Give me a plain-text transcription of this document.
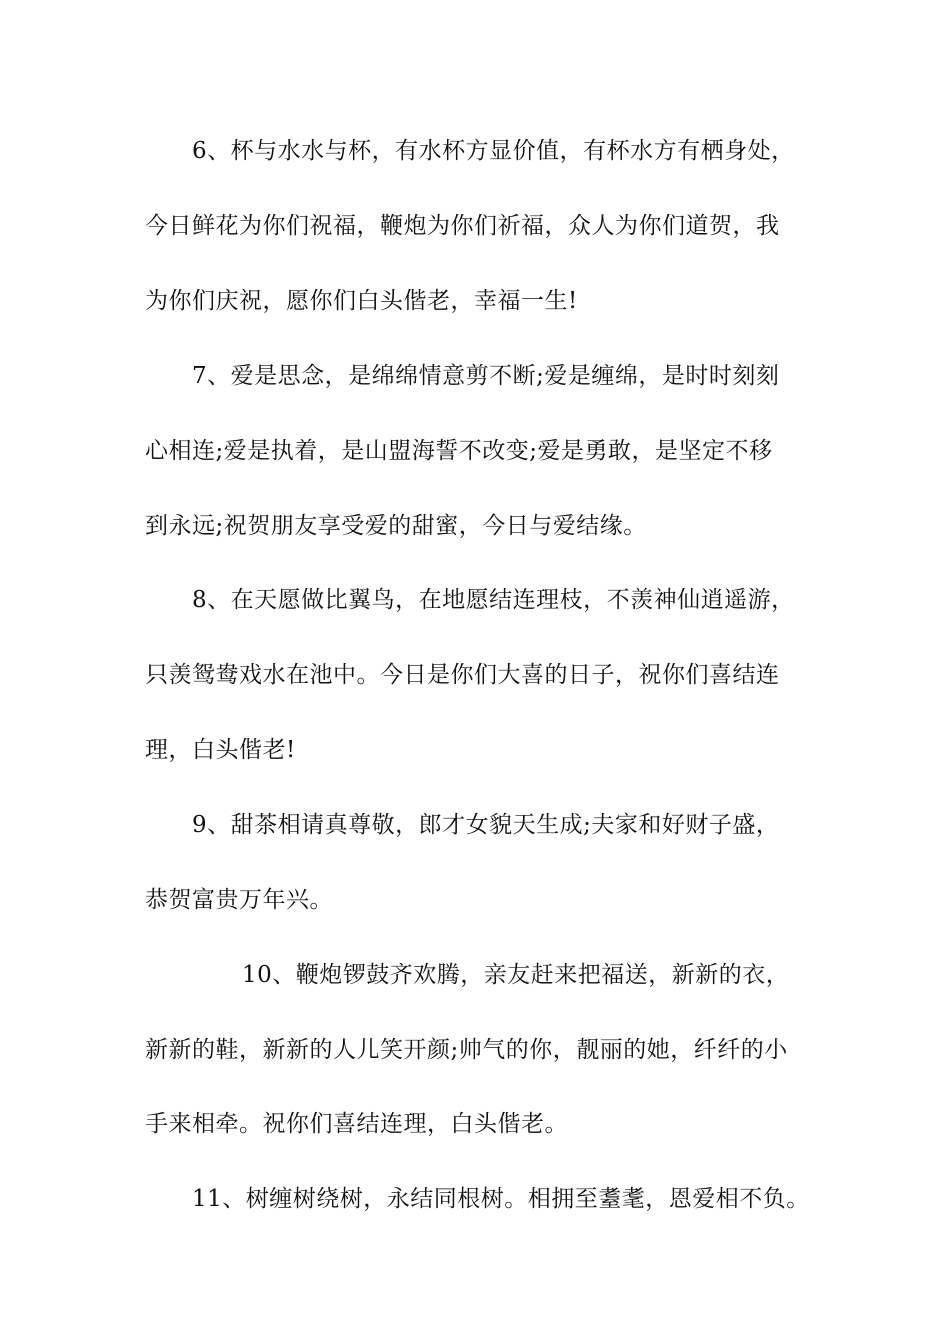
6、杯与水水与杯，有水杯方显价值，有杯水方有栖身处，
今日鲜花为你们祝福，鞭炮为你们祈福，众人为你们道贺，我
为你们庆祝，愿你们白头偕老，幸福一生!
7、爱是思念，是绵绵情意剪不断;爱是缠绵，是时时刻刻
心相连;爱是执着，是山盟海誓不改变;爱是勇敢，是坚定不移
到永远;祝贺朋友享受爱的甜蜜，今日与爱结缘。
8、在天愿做比翼鸟，在地愿结连理枝，不羡神仙逍遥游，
只羡鸳鸯戏水在池中。今日是你们大喜的日子，祝你们喜结连
理，白头偕老!
9、甜茶相请真尊敬，郎才女貌天生成;夫家和好财子盛，
恭贺富贵万年兴。
10、鞭炮锣鼓齐欢腾，亲友赶来把福送，新新的衣，
新新的鞋，新新的人儿笑开颜;帅气的你，靓丽的她，纤纤的小
手来相牵。祝你们喜结连理，白头偕老。
11、树缠树绕树，永结同根树。相拥至耋耄，恩爱相不负。
